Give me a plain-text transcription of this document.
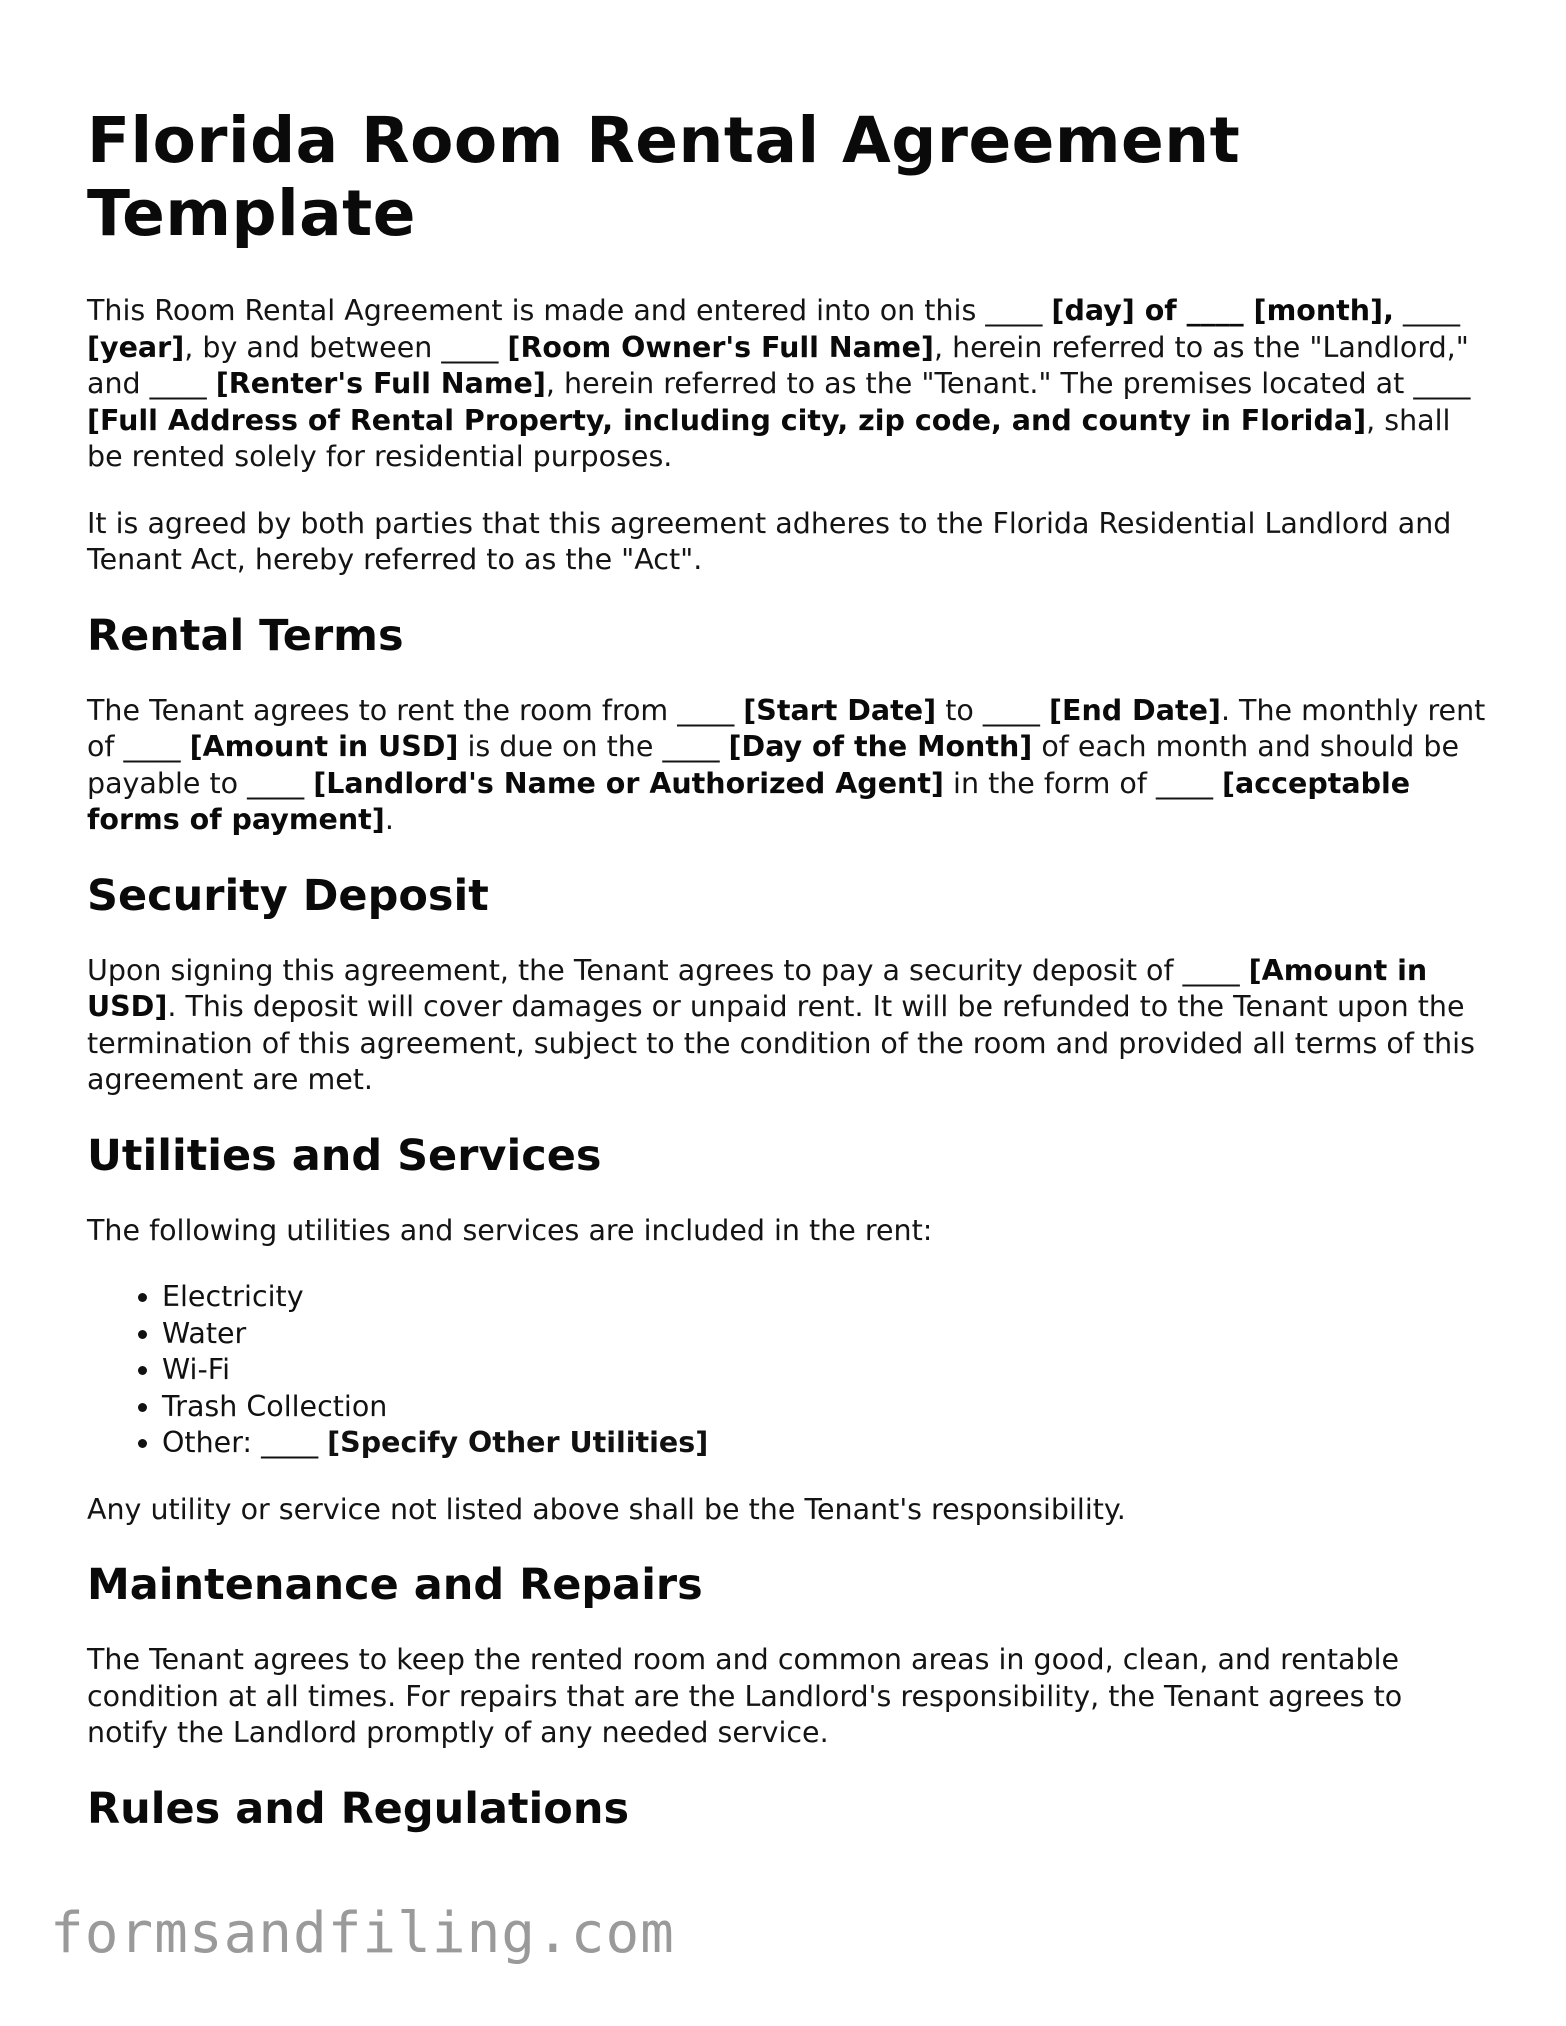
Florida Room Rental Agreement Template

This Room Rental Agreement is made and entered into on this ____ [day] of ____ [month], ____ [year], by and between ____ [Room Owner's Full Name], herein referred to as the "Landlord," and ____ [Renter's Full Name], herein referred to as the "Tenant." The premises located at ____ [Full Address of Rental Property, including city, zip code, and county in Florida], shall be rented solely for residential purposes.

It is agreed by both parties that this agreement adheres to the Florida Residential Landlord and Tenant Act, hereby referred to as the "Act".

Rental Terms

The Tenant agrees to rent the room from ____ [Start Date] to ____ [End Date]. The monthly rent of ____ [Amount in USD] is due on the ____ [Day of the Month] of each month and should be payable to ____ [Landlord's Name or Authorized Agent] in the form of ____ [acceptable forms of payment].

Security Deposit

Upon signing this agreement, the Tenant agrees to pay a security deposit of ____ [Amount in USD]. This deposit will cover damages or unpaid rent. It will be refunded to the Tenant upon the termination of this agreement, subject to the condition of the room and provided all terms of this agreement are met.

Utilities and Services

The following utilities and services are included in the rent:

• Electricity
• Water
• Wi-Fi
• Trash Collection
• Other: ____ [Specify Other Utilities]

Any utility or service not listed above shall be the Tenant's responsibility.

Maintenance and Repairs

The Tenant agrees to keep the rented room and common areas in good, clean, and rentable condition at all times. For repairs that are the Landlord's responsibility, the Tenant agrees to notify the Landlord promptly of any needed service.

Rules and Regulations
formsandfiling.com
